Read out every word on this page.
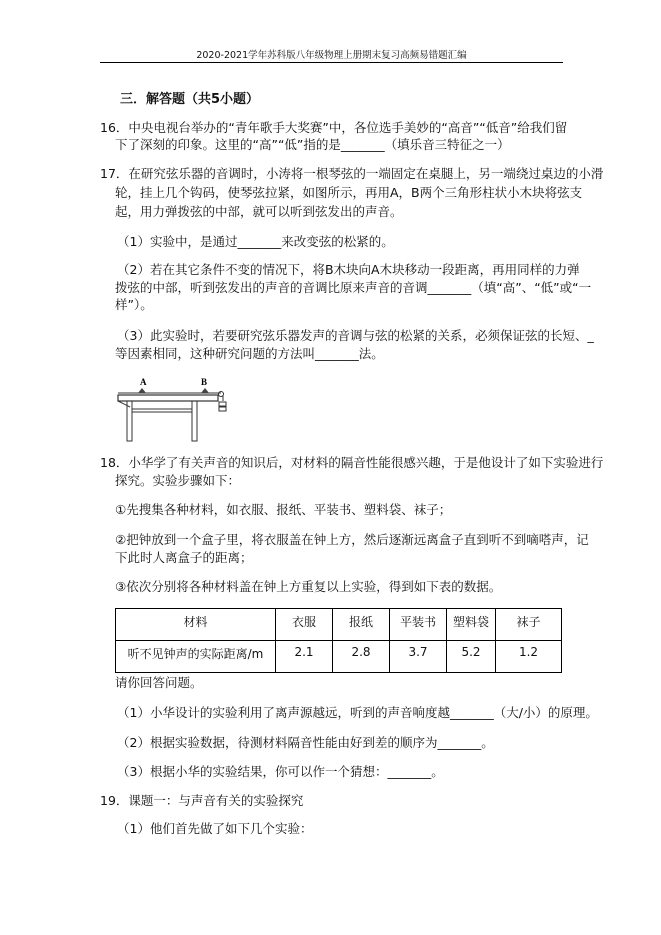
2020-2021学年苏科版八年级物理上册期末复习高频易错题汇编
三．解答题（共5小题）
16．中央电视台举办的“青年歌手大奖赛”中，各位选手美妙的“高音”“低音”给我们留
下了深刻的印象。这里的“高”“低”指的是_______（填乐音三特征之一）
17．在研究弦乐器的音调时，小涛将一根琴弦的一端固定在桌腿上，另一端绕过桌边的小滑
轮，挂上几个钩码，使琴弦拉紧，如图所示，再用A，B两个三角形柱状小木块将弦支
起，用力弹拨弦的中部，就可以听到弦发出的声音。
（1）实验中，是通过_______来改变弦的松紧的。
（2）若在其它条件不变的情况下，将B木块向A木块移动一段距离，再用同样的力弹
拨弦的中部，听到弦发出的声音的音调比原来声音的音调_______（填“高”、“低”或“一
样”）。
（3）此实验时，若要研究弦乐器发声的音调与弦的松紧的关系，必须保证弦的长短、_
等因素相同，这种研究问题的方法叫_______法。
A	B
18．小华学了有关声音的知识后，对材料的隔音性能很感兴趣，于是他设计了如下实验进行
探究。实验步骤如下：
①先搜集各种材料，如衣服、报纸、平装书、塑料袋、袜子；
②把钟放到一个盒子里，将衣服盖在钟上方，然后逐渐远离盒子直到听不到嘀嗒声，记
下此时人离盒子的距离；
③依次分别将各种材料盖在钟上方重复以上实验，得到如下表的数据。
材料	衣服	报纸	平装书	塑料袋	袜子
听不见钟声的实际距离/m	2.1	2.8	3.7	5.2	1.2
请你回答问题。
（1）小华设计的实验利用了离声源越远，听到的声音响度越_______（大/小）的原理。
（2）根据实验数据，待测材料隔音性能由好到差的顺序为_______。
（3）根据小华的实验结果，你可以作一个猜想：_______。
19．课题一：与声音有关的实验探究
（1）他们首先做了如下几个实验：
